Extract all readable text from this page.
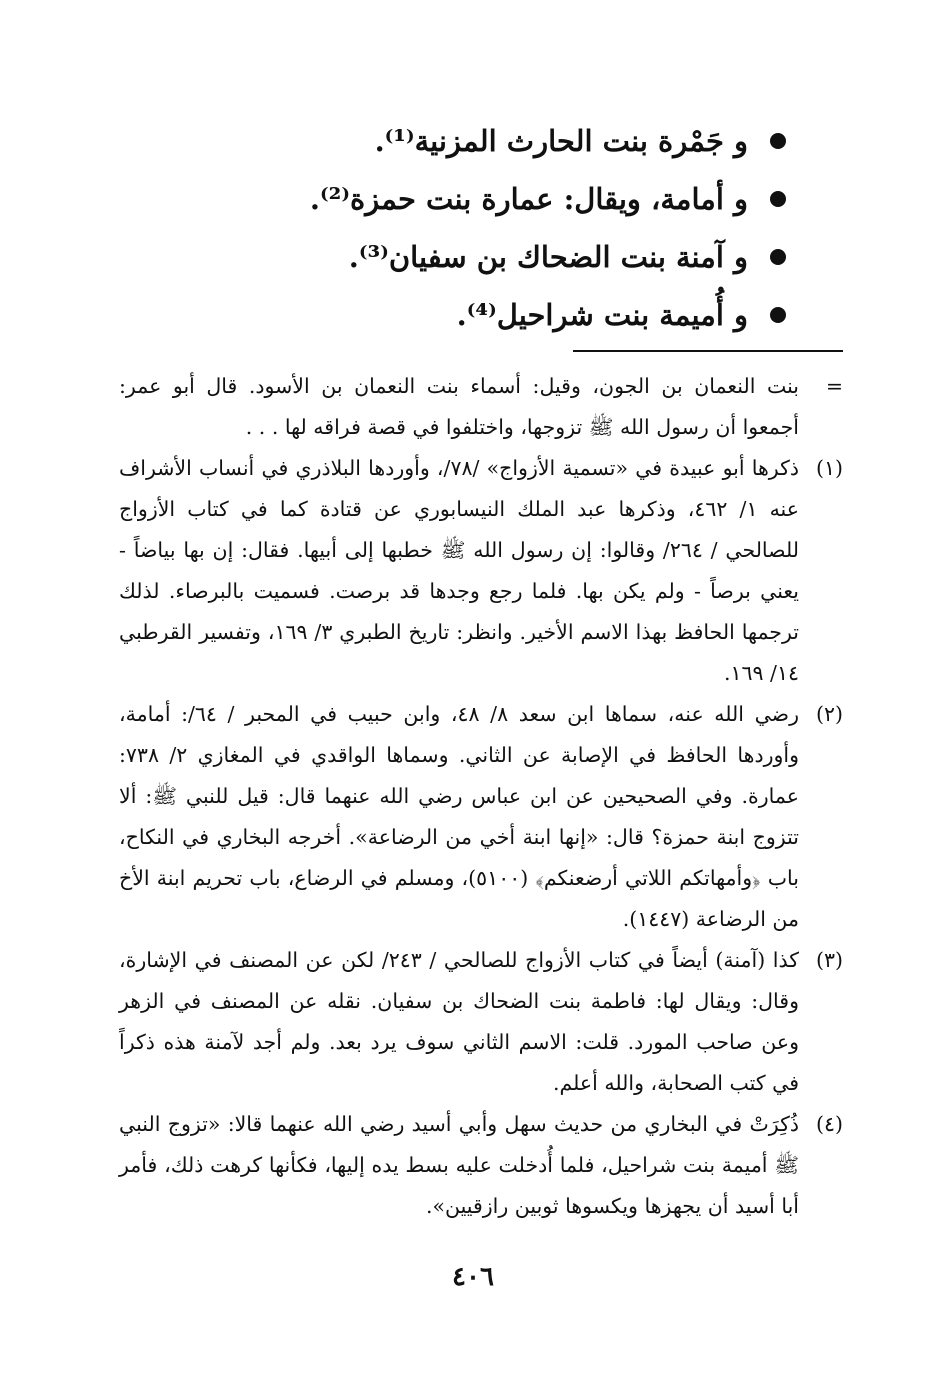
و جَمْرة بنت الحارث المزنية⁽¹⁾.
و أمامة، ويقال: عمارة بنت حمزة⁽²⁾.
و آمنة بنت الضحاك بن سفيان⁽³⁾.
و أُميمة بنت شراحيل⁽⁴⁾.
=
بنت النعمان بن الجون، وقيل: أسماء بنت النعمان بن الأسود. قال أبو عمر: أجمعوا أن رسول الله ﷺ تزوجها، واختلفوا في قصة فراقه لها . . .
(١)
ذكرها أبو عبيدة في «تسمية الأزواج» /٧٨/، وأوردها البلاذري في أنساب الأشراف عنه ١/ ٤٦٢، وذكرها عبد الملك النيسابوري عن قتادة كما في كتاب الأزواج للصالحي / ٢٦٤/ وقالوا: إن رسول الله ﷺ خطبها إلى أبيها. فقال: إن بها بياضاً - يعني برصاً - ولم يكن بها. فلما رجع وجدها قد برصت. فسميت بالبرصاء. لذلك ترجمها الحافظ بهذا الاسم الأخير. وانظر: تاريخ الطبري ٣/ ١٦٩، وتفسير القرطبي ١٤/ ١٦٩.
(٢)
رضي الله عنه، سماها ابن سعد ٨/ ٤٨، وابن حبيب في المحبر / ٦٤/: أمامة، وأوردها الحافظ في الإصابة عن الثاني. وسماها الواقدي في المغازي ٢/ ٧٣٨: عمارة. وفي الصحيحين عن ابن عباس رضي الله عنهما قال: قيل للنبي ﷺ: ألا تتزوج ابنة حمزة؟ قال: «إنها ابنة أخي من الرضاعة». أخرجه البخاري في النكاح، باب ﴿وأمهاتكم اللاتي أرضعنكم﴾ (٥١٠٠)، ومسلم في الرضاع، باب تحريم ابنة الأخ من الرضاعة (١٤٤٧).
(٣)
كذا (آمنة) أيضاً في كتاب الأزواج للصالحي / ٢٤٣/ لكن عن المصنف في الإشارة، وقال: ويقال لها: فاطمة بنت الضحاك بن سفيان. نقله عن المصنف في الزهر وعن صاحب المورد. قلت: الاسم الثاني سوف يرد بعد. ولم أجد لآمنة هذه ذكراً في كتب الصحابة، والله أعلم.
(٤)
ذُكِرَتْ في البخاري من حديث سهل وأبي أسيد رضي الله عنهما قالا: «تزوج النبي ﷺ أميمة بنت شراحيل، فلما أُدخلت عليه بسط يده إليها، فكأنها كرهت ذلك، فأمر أبا أسيد أن يجهزها ويكسوها ثوبين رازقيين».
٤٠٦
